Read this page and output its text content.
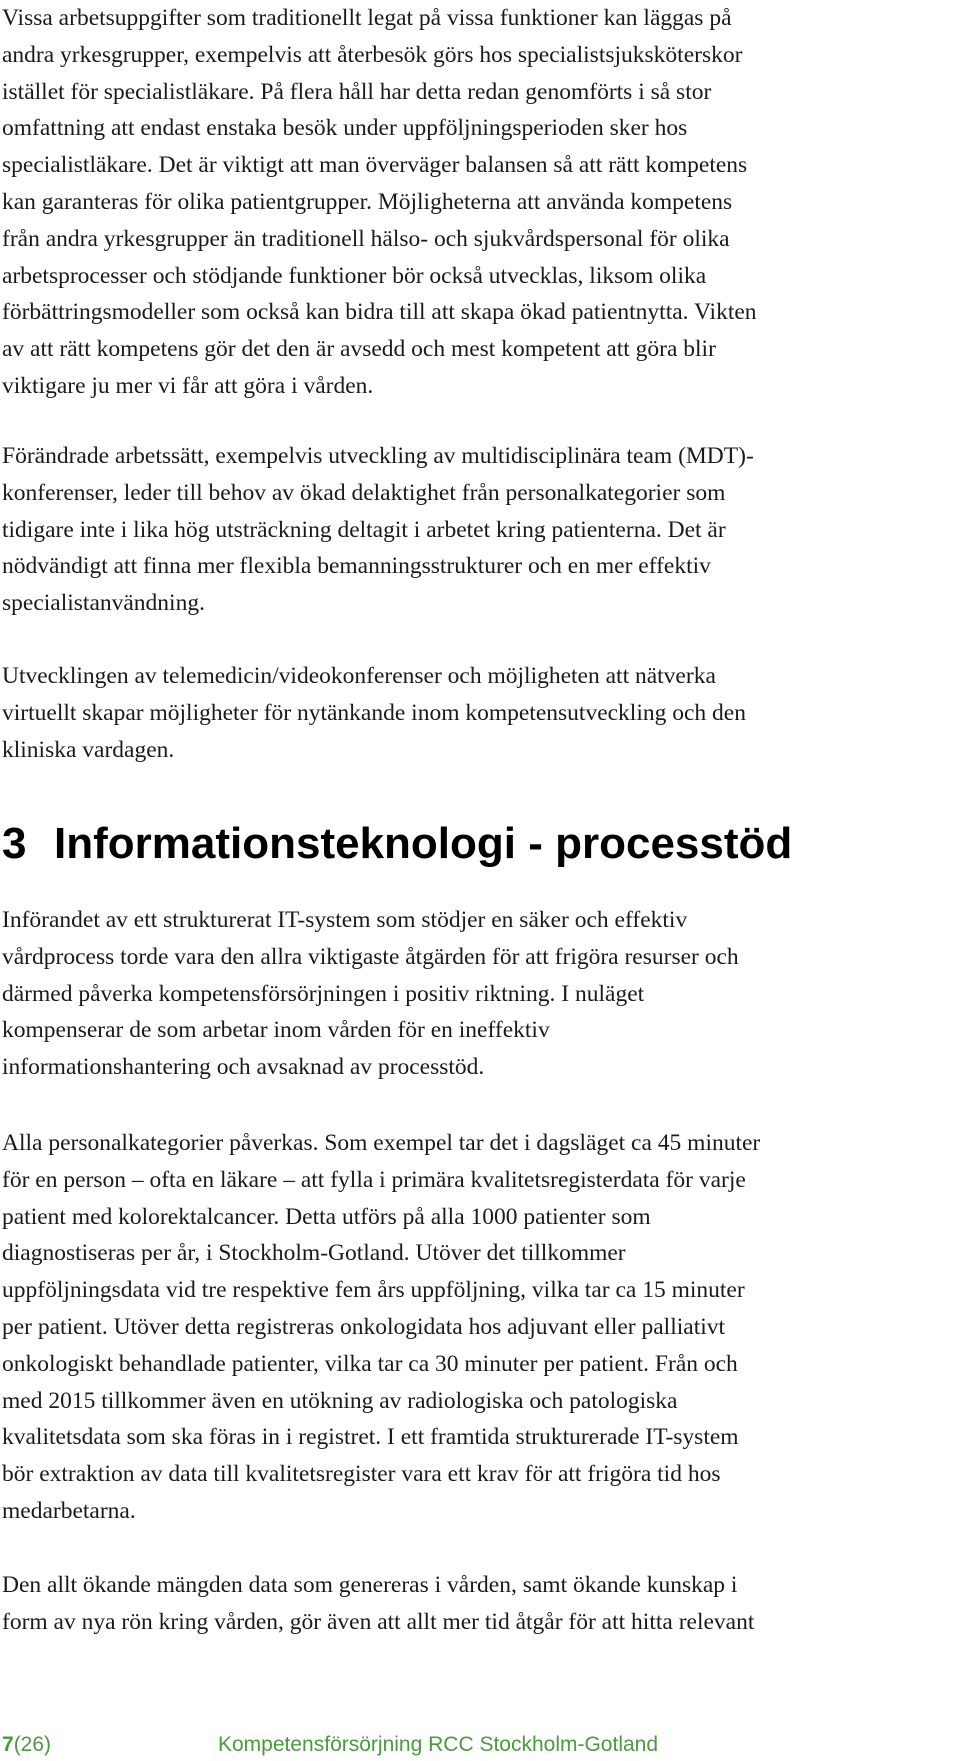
Vissa arbetsuppgifter som traditionellt legat på vissa funktioner kan läggas på
andra yrkesgrupper, exempelvis att återbesök görs hos specialistsjuksköterskor
istället för specialistläkare. På flera håll har detta redan genomförts i så stor
omfattning att endast enstaka besök under uppföljningsperioden sker hos
specialistläkare. Det är viktigt att man överväger balansen så att rätt kompetens
kan garanteras för olika patientgrupper. Möjligheterna att använda kompetens
från andra yrkesgrupper än traditionell hälso- och sjukvårdspersonal för olika
arbetsprocesser och stödjande funktioner bör också utvecklas, liksom olika
förbättringsmodeller som också kan bidra till att skapa ökad patientnytta. Vikten
av att rätt kompetens gör det den är avsedd och mest kompetent att göra blir
viktigare ju mer vi får att göra i vården.

Förändrade arbetssätt, exempelvis utveckling av multidisciplinära team (MDT)-
konferenser, leder till behov av ökad delaktighet från personalkategorier som
tidigare inte i lika hög utsträckning deltagit i arbetet kring patienterna. Det är
nödvändigt att finna mer flexibla bemanningsstrukturer och en mer effektiv
specialistanvändning.

Utvecklingen av telemedicin/videokonferenser och möjligheten att nätverka
virtuellt skapar möjligheter för nytänkande inom kompetensutveckling och den
kliniska vardagen.

3 Informationsteknologi - processtöd

Införandet av ett strukturerat IT-system som stödjer en säker och effektiv
vårdprocess torde vara den allra viktigaste åtgärden för att frigöra resurser och
därmed påverka kompetensförsörjningen i positiv riktning. I nuläget
kompenserar de som arbetar inom vården för en ineffektiv
informationshantering och avsaknad av processtöd.

Alla personalkategorier påverkas. Som exempel tar det i dagsläget ca 45 minuter
för en person – ofta en läkare – att fylla i primära kvalitetsregisterdata för varje
patient med kolorektalcancer. Detta utförs på alla 1000 patienter som
diagnostiseras per år, i Stockholm-Gotland. Utöver det tillkommer
uppföljningsdata vid tre respektive fem års uppföljning, vilka tar ca 15 minuter
per patient. Utöver detta registreras onkologidata hos adjuvant eller palliativt
onkologiskt behandlade patienter, vilka tar ca 30 minuter per patient. Från och
med 2015 tillkommer även en utökning av radiologiska och patologiska
kvalitetsdata som ska föras in i registret. I ett framtida strukturerade IT-system
bör extraktion av data till kvalitetsregister vara ett krav för att frigöra tid hos
medarbetarna.

Den allt ökande mängden data som genereras i vården, samt ökande kunskap i
form av nya rön kring vården, gör även att allt mer tid åtgår för att hitta relevant

7(26)	Kompetensförsörjning RCC Stockholm-Gotland
